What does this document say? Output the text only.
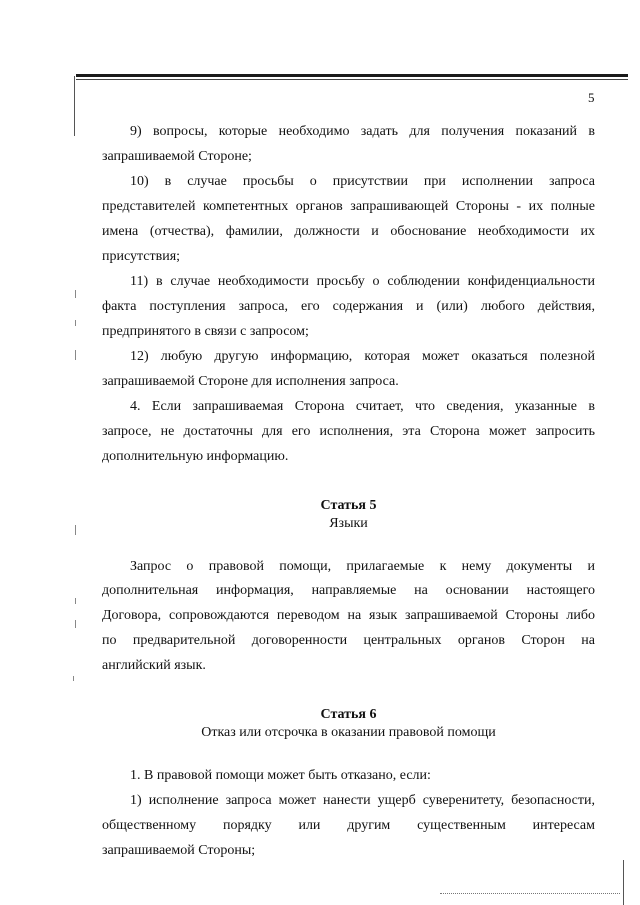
5
9) вопросы, которые необходимо задать для получения показаний в
запрашиваемой Стороне;
10) в случае просьбы о присутствии при исполнении запроса
представителей компетентных органов запрашивающей Стороны - их полные
имена (отчества), фамилии, должности и обоснование необходимости их
присутствия;
11) в случае необходимости просьбу о соблюдении конфиденциальности
факта поступления запроса, его содержания и (или) любого действия,
предпринятого в связи с запросом;
12) любую другую информацию, которая может оказаться полезной
запрашиваемой Стороне для исполнения запроса.
4. Если запрашиваемая Сторона считает, что сведения, указанные в
запросе, не достаточны для его исполнения, эта Сторона может запросить
дополнительную информацию.
Статья 5
Языки
Запрос о правовой помощи, прилагаемые к нему документы и
дополнительная информация, направляемые на основании настоящего
Договора, сопровождаются переводом на язык запрашиваемой Стороны либо
по предварительной договоренности центральных органов Сторон на
английский язык.
Статья 6
Отказ или отсрочка в оказании правовой помощи
1. В правовой помощи может быть отказано, если:
1) исполнение запроса может нанести ущерб суверенитету, безопасности,
общественному порядку или другим существенным интересам
запрашиваемой Стороны;
